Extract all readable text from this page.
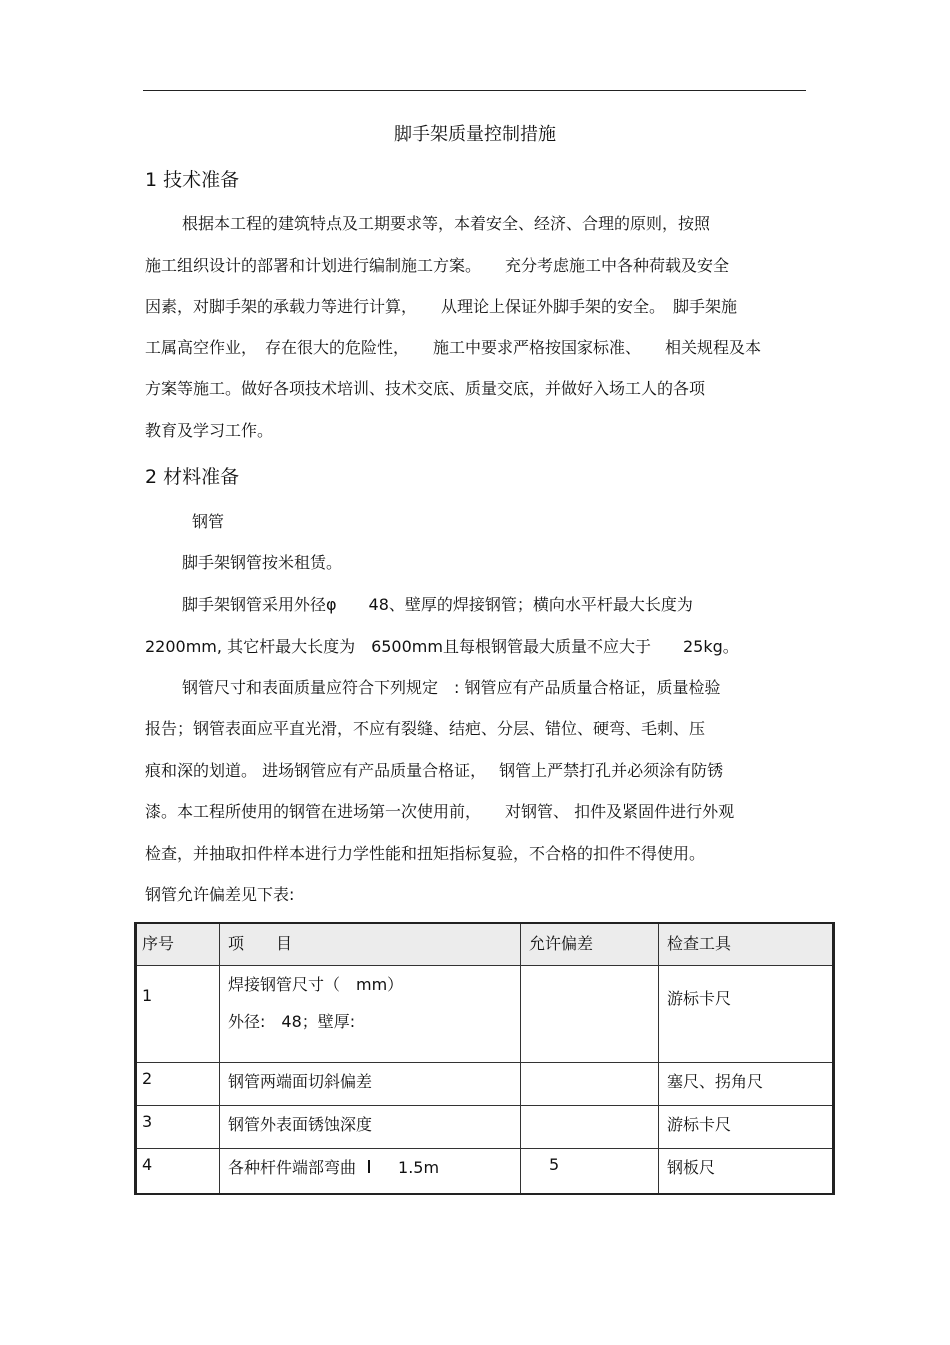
脚手架质量控制措施
1 技术准备
根据本工程的建筑特点及工期要求等，本着安全、经济、合理的原则，按照
施工组织设计的部署和计划进行编制施工方案。　　充分考虑施工中各种荷载及安全
因素，对脚手架的承载力等进行计算，　　从理论上保证外脚手架的安全。　脚手架施
工属高空作业，　存在很大的危险性，　　施工中要求严格按国家标准、　　相关规程及本
方案等施工。做好各项技术培训、技术交底、质量交底，并做好入场工人的各项
教育及学习工作。
2 材料准备
钢管
脚手架钢管按米租赁。
脚手架钢管采用外径φ　　48、壁厚的焊接钢管；横向水平杆最大长度为
2200mm, 其它杆最大长度为　6500mm且每根钢管最大质量不应大于　　25kg。
钢管尺寸和表面质量应符合下列规定　: 钢管应有产品质量合格证，质量检验
报告；钢管表面应平直光滑，不应有裂缝、结疤、分层、错位、硬弯、毛刺、压
痕和深的划道。 进场钢管应有产品质量合格证，　 钢管上严禁打孔并必须涂有防锈
漆。本工程所使用的钢管在进场第一次使用前，　　对钢管、 扣件及紧固件进行外观
检查，并抽取扣件样本进行力学性能和扭矩指标复验，不合格的扣件不得使用。
钢管允许偏差见下表:
序号	项　　目	允许偏差	检查工具
1	焊接钢管尺寸（　mm）
外径:　48；壁厚:		游标卡尺
2	钢管两端面切斜偏差		塞尺、拐角尺
3	钢管外表面锈蚀深度		游标卡尺
4	各种杆件端部弯曲 1.5m	5	钢板尺
